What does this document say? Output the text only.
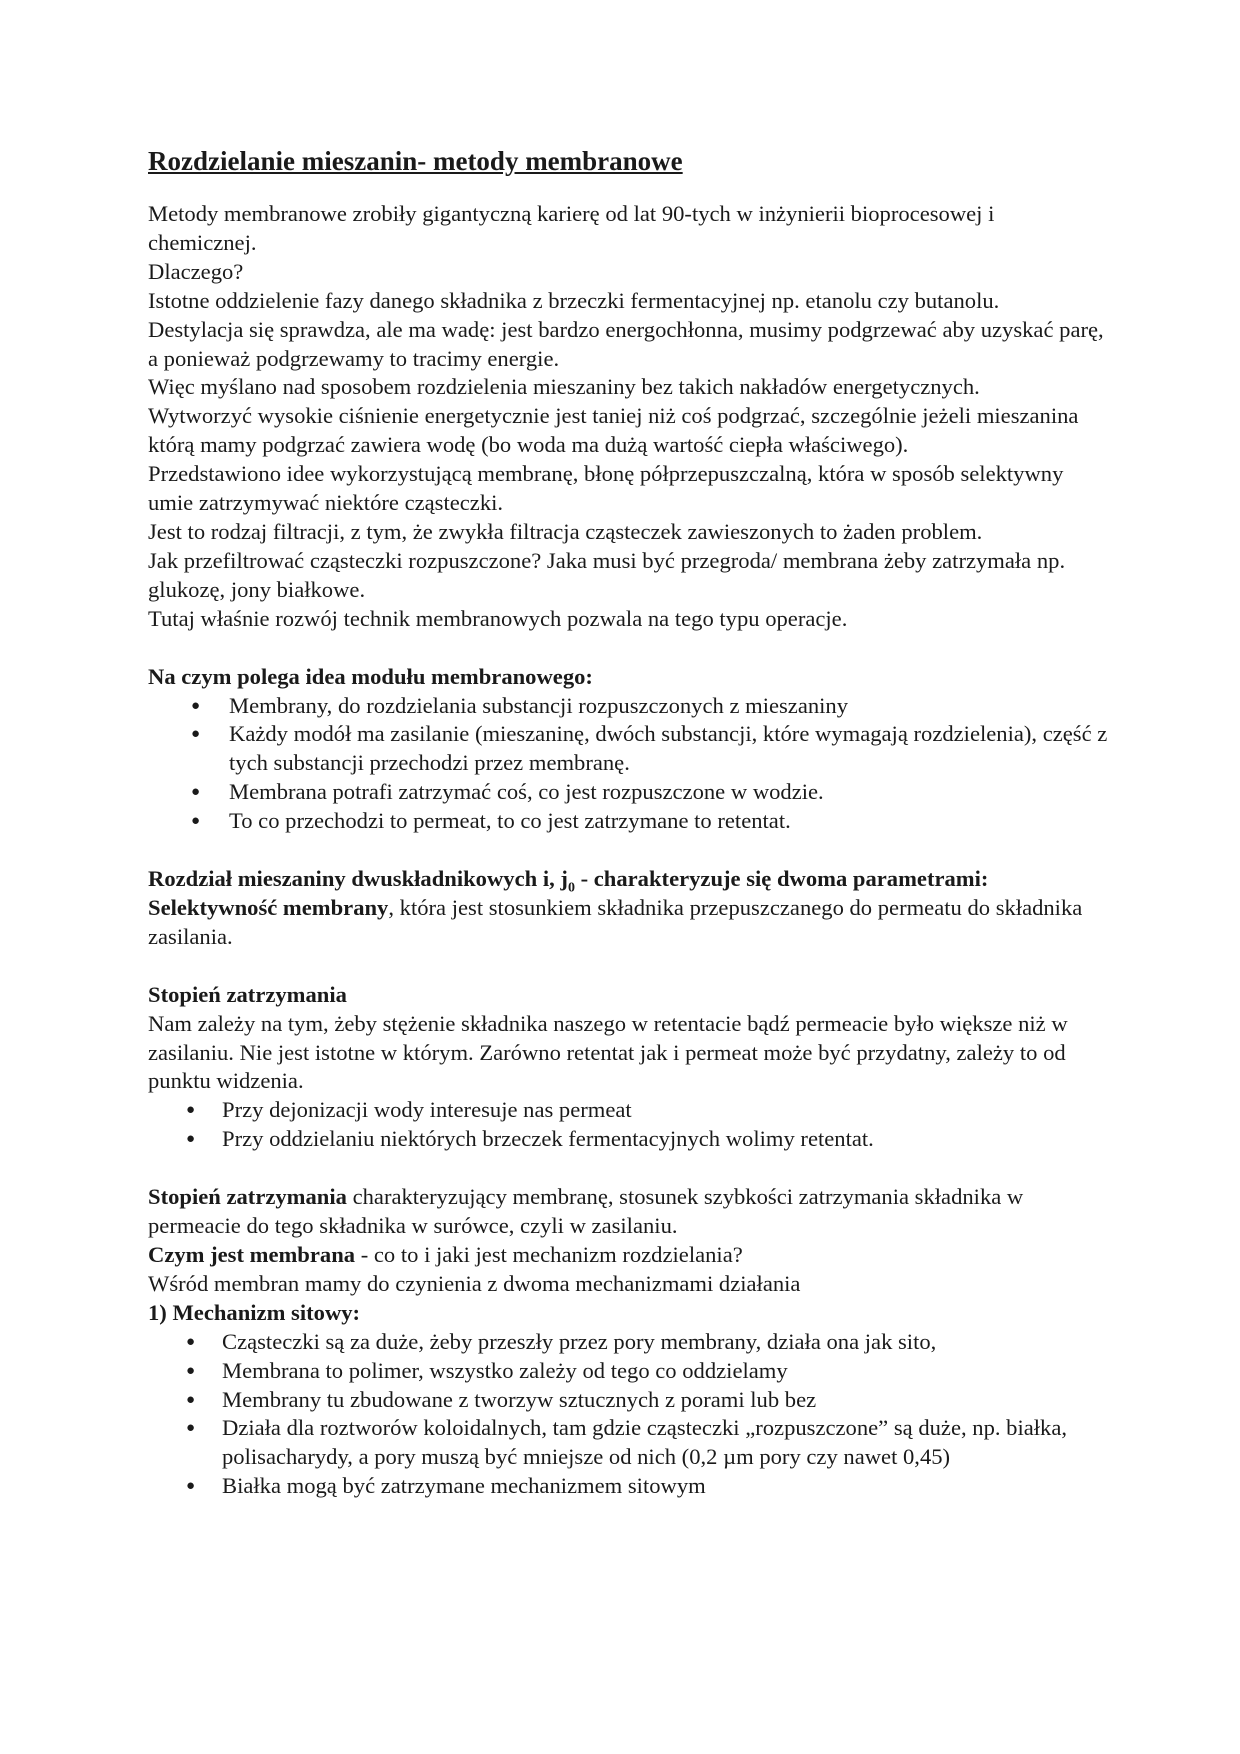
Rozdzielanie mieszanin- metody membranowe

Metody membranowe zrobiły gigantyczną karierę od lat 90-tych w inżynierii bioprocesowej i chemicznej.

Dlaczego?

Istotne oddzielenie fazy danego składnika z brzeczki fermentacyjnej np. etanolu czy butanolu.

Destylacja się sprawdza, ale ma wadę: jest bardzo energochłonna, musimy podgrzewać aby uzyskać parę, a ponieważ podgrzewamy to tracimy energie.

Więc myślano nad sposobem rozdzielenia mieszaniny bez takich nakładów energetycznych.

Wytworzyć wysokie ciśnienie energetycznie jest taniej niż coś podgrzać, szczególnie jeżeli mieszanina którą mamy podgrzać zawiera wodę (bo woda ma dużą wartość ciepła właściwego).

Przedstawiono idee wykorzystującą membranę, błonę półprzepuszczalną, która w sposób selektywny umie zatrzymywać niektóre cząsteczki.

Jest to rodzaj filtracji, z tym, że zwykła filtracja cząsteczek zawieszonych to żaden problem.

Jak przefiltrować cząsteczki rozpuszczone? Jaka musi być przegroda/ membrana żeby zatrzymała np. glukozę, jony białkowe.

Tutaj właśnie rozwój technik membranowych pozwala na tego typu operacje.

Na czym polega idea modułu membranowego:

● Membrany, do rozdzielania substancji rozpuszczonych z mieszaniny
● Każdy modół ma zasilanie (mieszaninę, dwóch substancji, które wymagają rozdzielenia), część z tych substancji przechodzi przez membranę.
● Membrana potrafi zatrzymać coś, co jest rozpuszczone w wodzie.
● To co przechodzi to permeat, to co jest zatrzymane to retentat.

Rozdział mieszaniny dwuskładnikowych i, $j_0$ - charakteryzuje się dwoma parametrami:

Selektywność membrany, która jest stosunkiem składnika przepuszczanego do permeatu do składnika zasilania.

Stopień zatrzymania

Nam zależy na tym, żeby stężenie składnika naszego w retentacie bądź permeacie było większe niż w zasilaniu. Nie jest istotne w którym. Zarówno retentat jak i permeat może być przydatny, zależy to od punktu widzenia.

● Przy dejonizacji wody interesuje nas permeat
● Przy oddzielaniu niektórych brzeczek fermentacyjnych wolimy retentat.

Stopień zatrzymania charakteryzujący membranę, stosunek szybkości zatrzymania składnika w permeacie do tego składnika w surówce, czyli w zasilaniu.

Czym jest membrana - co to i jaki jest mechanizm rozdzielania?

Wśród membran mamy do czynienia z dwoma mechanizmami działania

1) Mechanizm sitowy:

● Cząsteczki są za duże, żeby przeszły przez pory membrany, działa ona jak sito,
● Membrana to polimer, wszystko zależy od tego co oddzielamy
● Membrany tu zbudowane z tworzyw sztucznych z porami lub bez
● Działa dla roztworów koloidalnych, tam gdzie cząsteczki „rozpuszczone” są duże, np. białka, polisacharydy, a pory muszą być mniejsze od nich (0,2 µm pory czy nawet 0,45)
● Białka mogą być zatrzymane mechanizmem sitowym
